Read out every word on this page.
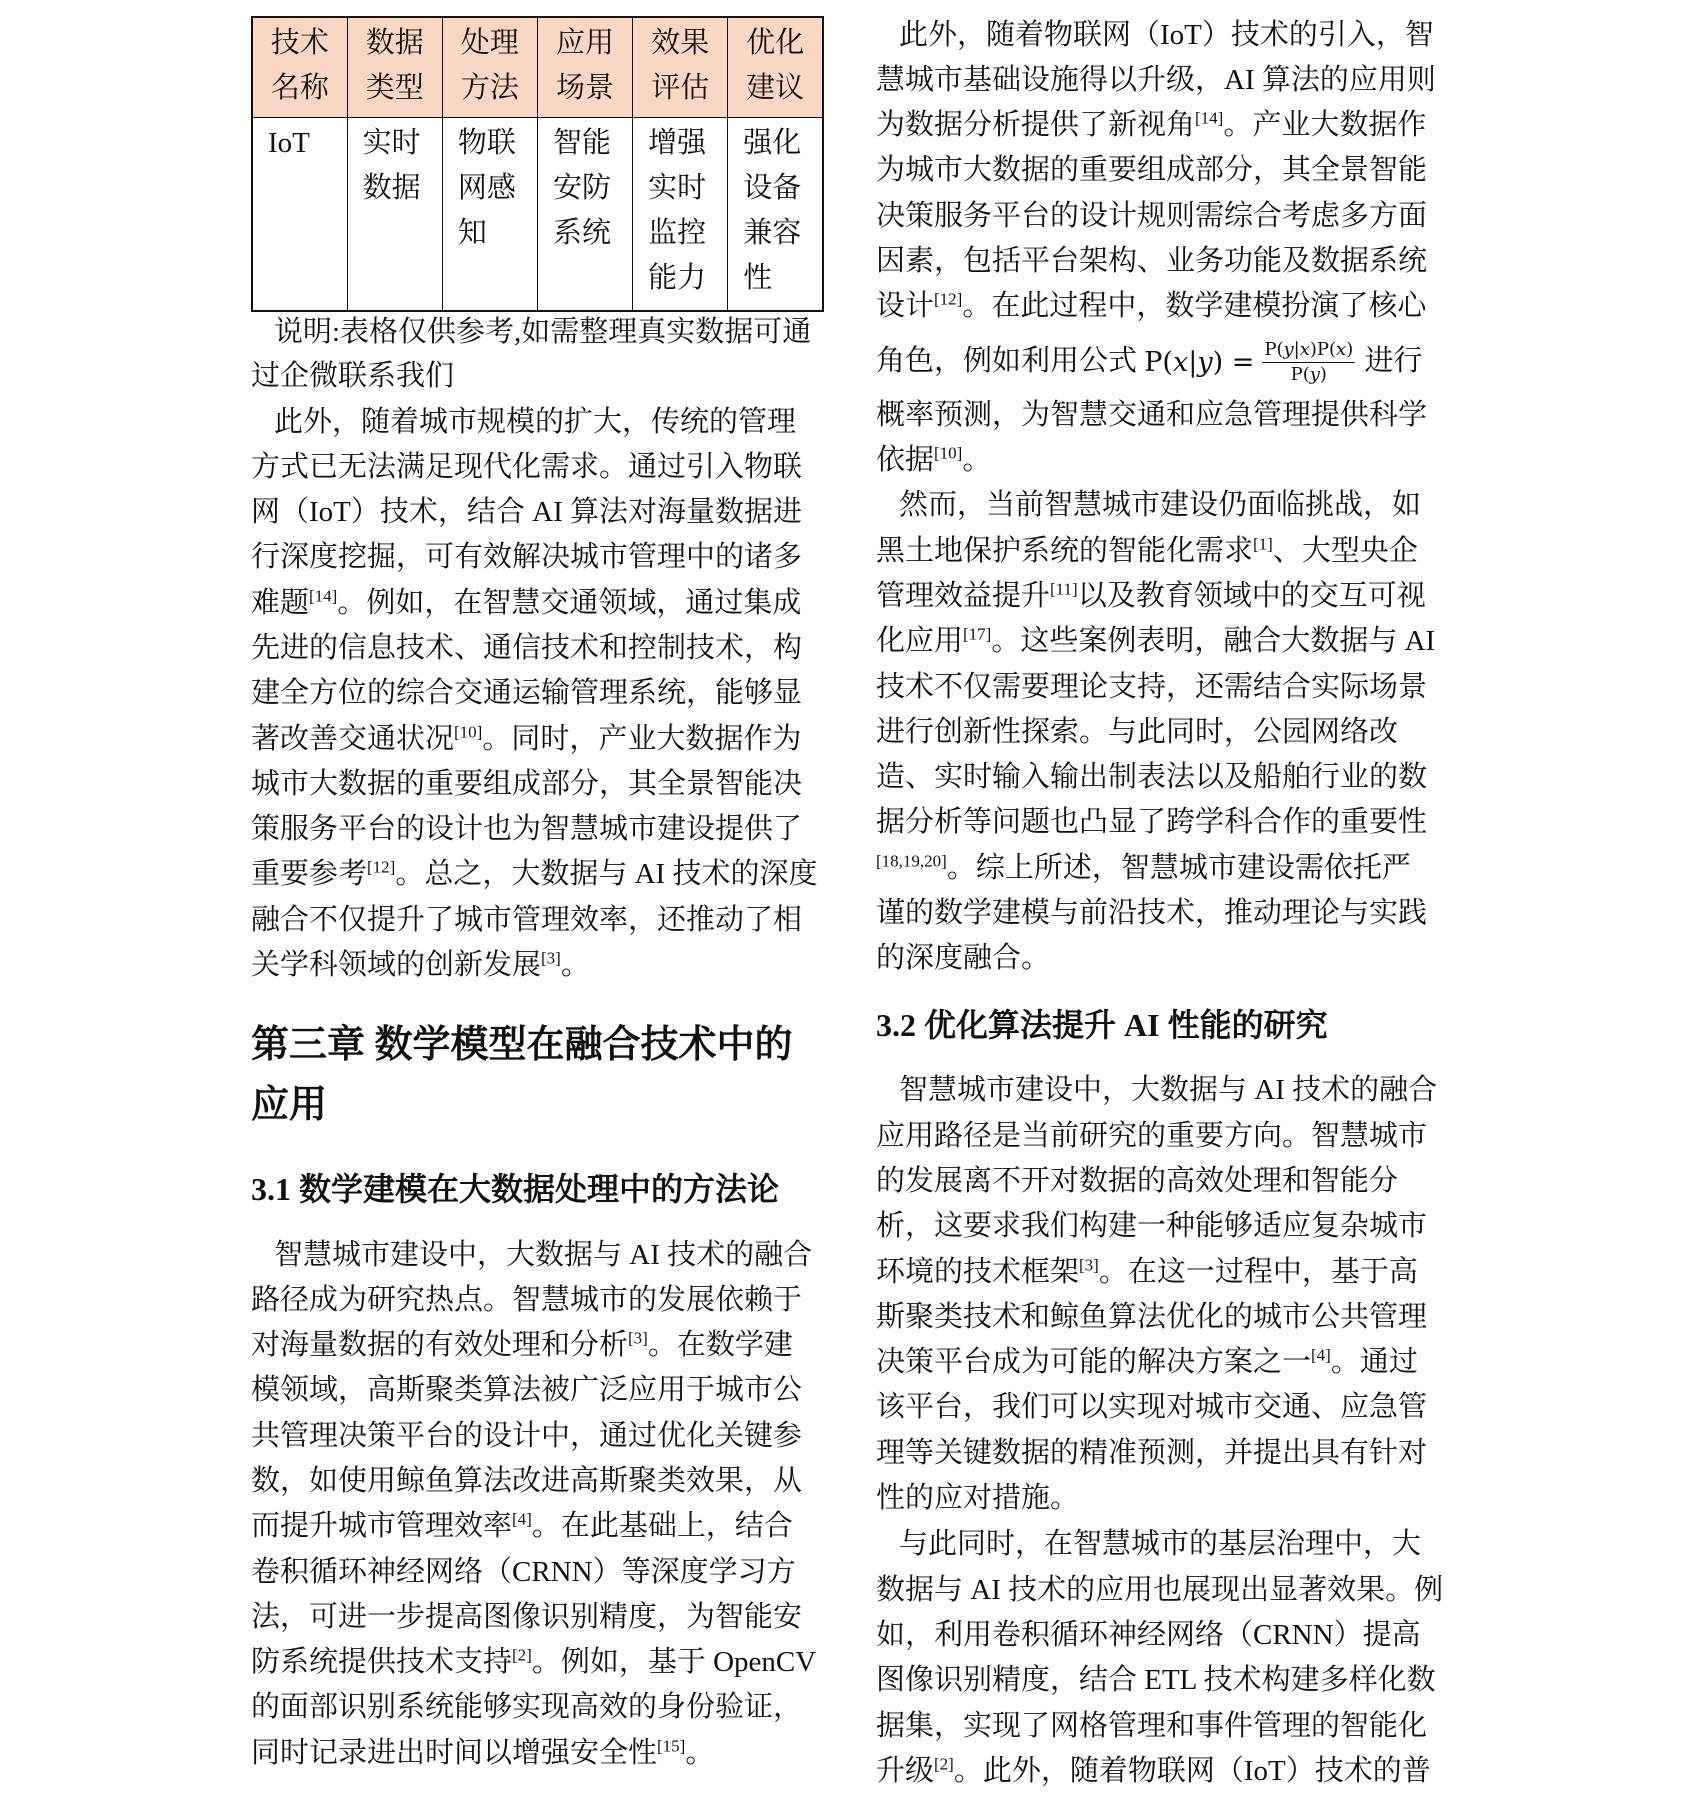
技术名称	数据类型	处理方法	应用场景	效果评估	优化建议
IoT	实时数据	物联网感知	智能安防系统	增强实时监控能力	强化设备兼容性
说明:表格仅供参考,如需整理真实数据可通
过企微联系我们
此外，随着城市规模的扩大，传统的管理
方式已无法满足现代化需求。通过引入物联
网（IoT）技术，结合 AI 算法对海量数据进
行深度挖掘，可有效解决城市管理中的诸多
难题[14]。例如，在智慧交通领域，通过集成
先进的信息技术、通信技术和控制技术，构
建全方位的综合交通运输管理系统，能够显
著改善交通状况[10]。同时，产业大数据作为
城市大数据的重要组成部分，其全景智能决
策服务平台的设计也为智慧城市建设提供了
重要参考[12]。总之，大数据与 AI 技术的深度
融合不仅提升了城市管理效率，还推动了相
关学科领域的创新发展[3]。
第三章 数学模型在融合技术中的
应用
3.1 数学建模在大数据处理中的方法论
智慧城市建设中，大数据与 AI 技术的融合
路径成为研究热点。智慧城市的发展依赖于
对海量数据的有效处理和分析[3]。在数学建
模领域，高斯聚类算法被广泛应用于城市公
共管理决策平台的设计中，通过优化关键参
数，如使用鲸鱼算法改进高斯聚类效果，从
而提升城市管理效率[4]。在此基础上，结合
卷积循环神经网络（CRNN）等深度学习方
法，可进一步提高图像识别精度，为智能安
防系统提供技术支持[2]。例如，基于 OpenCV
的面部识别系统能够实现高效的身份验证，
同时记录进出时间以增强安全性[15]。
此外，随着物联网（IoT）技术的引入，智
慧城市基础设施得以升级，AI 算法的应用则
为数据分析提供了新视角[14]。产业大数据作
为城市大数据的重要组成部分，其全景智能
决策服务平台的设计规则需综合考虑多方面
因素，包括平台架构、业务功能及数据系统
设计[12]。在此过程中，数学建模扮演了核心
角色，例如利用公式 $P(x|y) = \frac{P(y|x)P(x)}{P(y)}$ 进行
概率预测，为智慧交通和应急管理提供科学
依据[10]。
然而，当前智慧城市建设仍面临挑战，如
黑土地保护系统的智能化需求[1]、大型央企
管理效益提升[11]以及教育领域中的交互可视
化应用[17]。这些案例表明，融合大数据与 AI
技术不仅需要理论支持，还需结合实际场景
进行创新性探索。与此同时，公园网络改
造、实时输入输出制表法以及船舶行业的数
据分析等问题也凸显了跨学科合作的重要性
[18,19,20]。综上所述，智慧城市建设需依托严
谨的数学建模与前沿技术，推动理论与实践
的深度融合。
3.2 优化算法提升 AI 性能的研究
智慧城市建设中，大数据与 AI 技术的融合
应用路径是当前研究的重要方向。智慧城市
的发展离不开对数据的高效处理和智能分
析，这要求我们构建一种能够适应复杂城市
环境的技术框架[3]。在这一过程中，基于高
斯聚类技术和鲸鱼算法优化的城市公共管理
决策平台成为可能的解决方案之一[4]。通过
该平台，我们可以实现对城市交通、应急管
理等关键数据的精准预测，并提出具有针对
性的应对措施。
与此同时，在智慧城市的基层治理中，大
数据与 AI 技术的应用也展现出显著效果。例
如，利用卷积循环神经网络（CRNN）提高
图像识别精度，结合 ETL 技术构建多样化数
据集，实现了网格管理和事件管理的智能化
升级[2]。此外，随着物联网（IoT）技术的普
